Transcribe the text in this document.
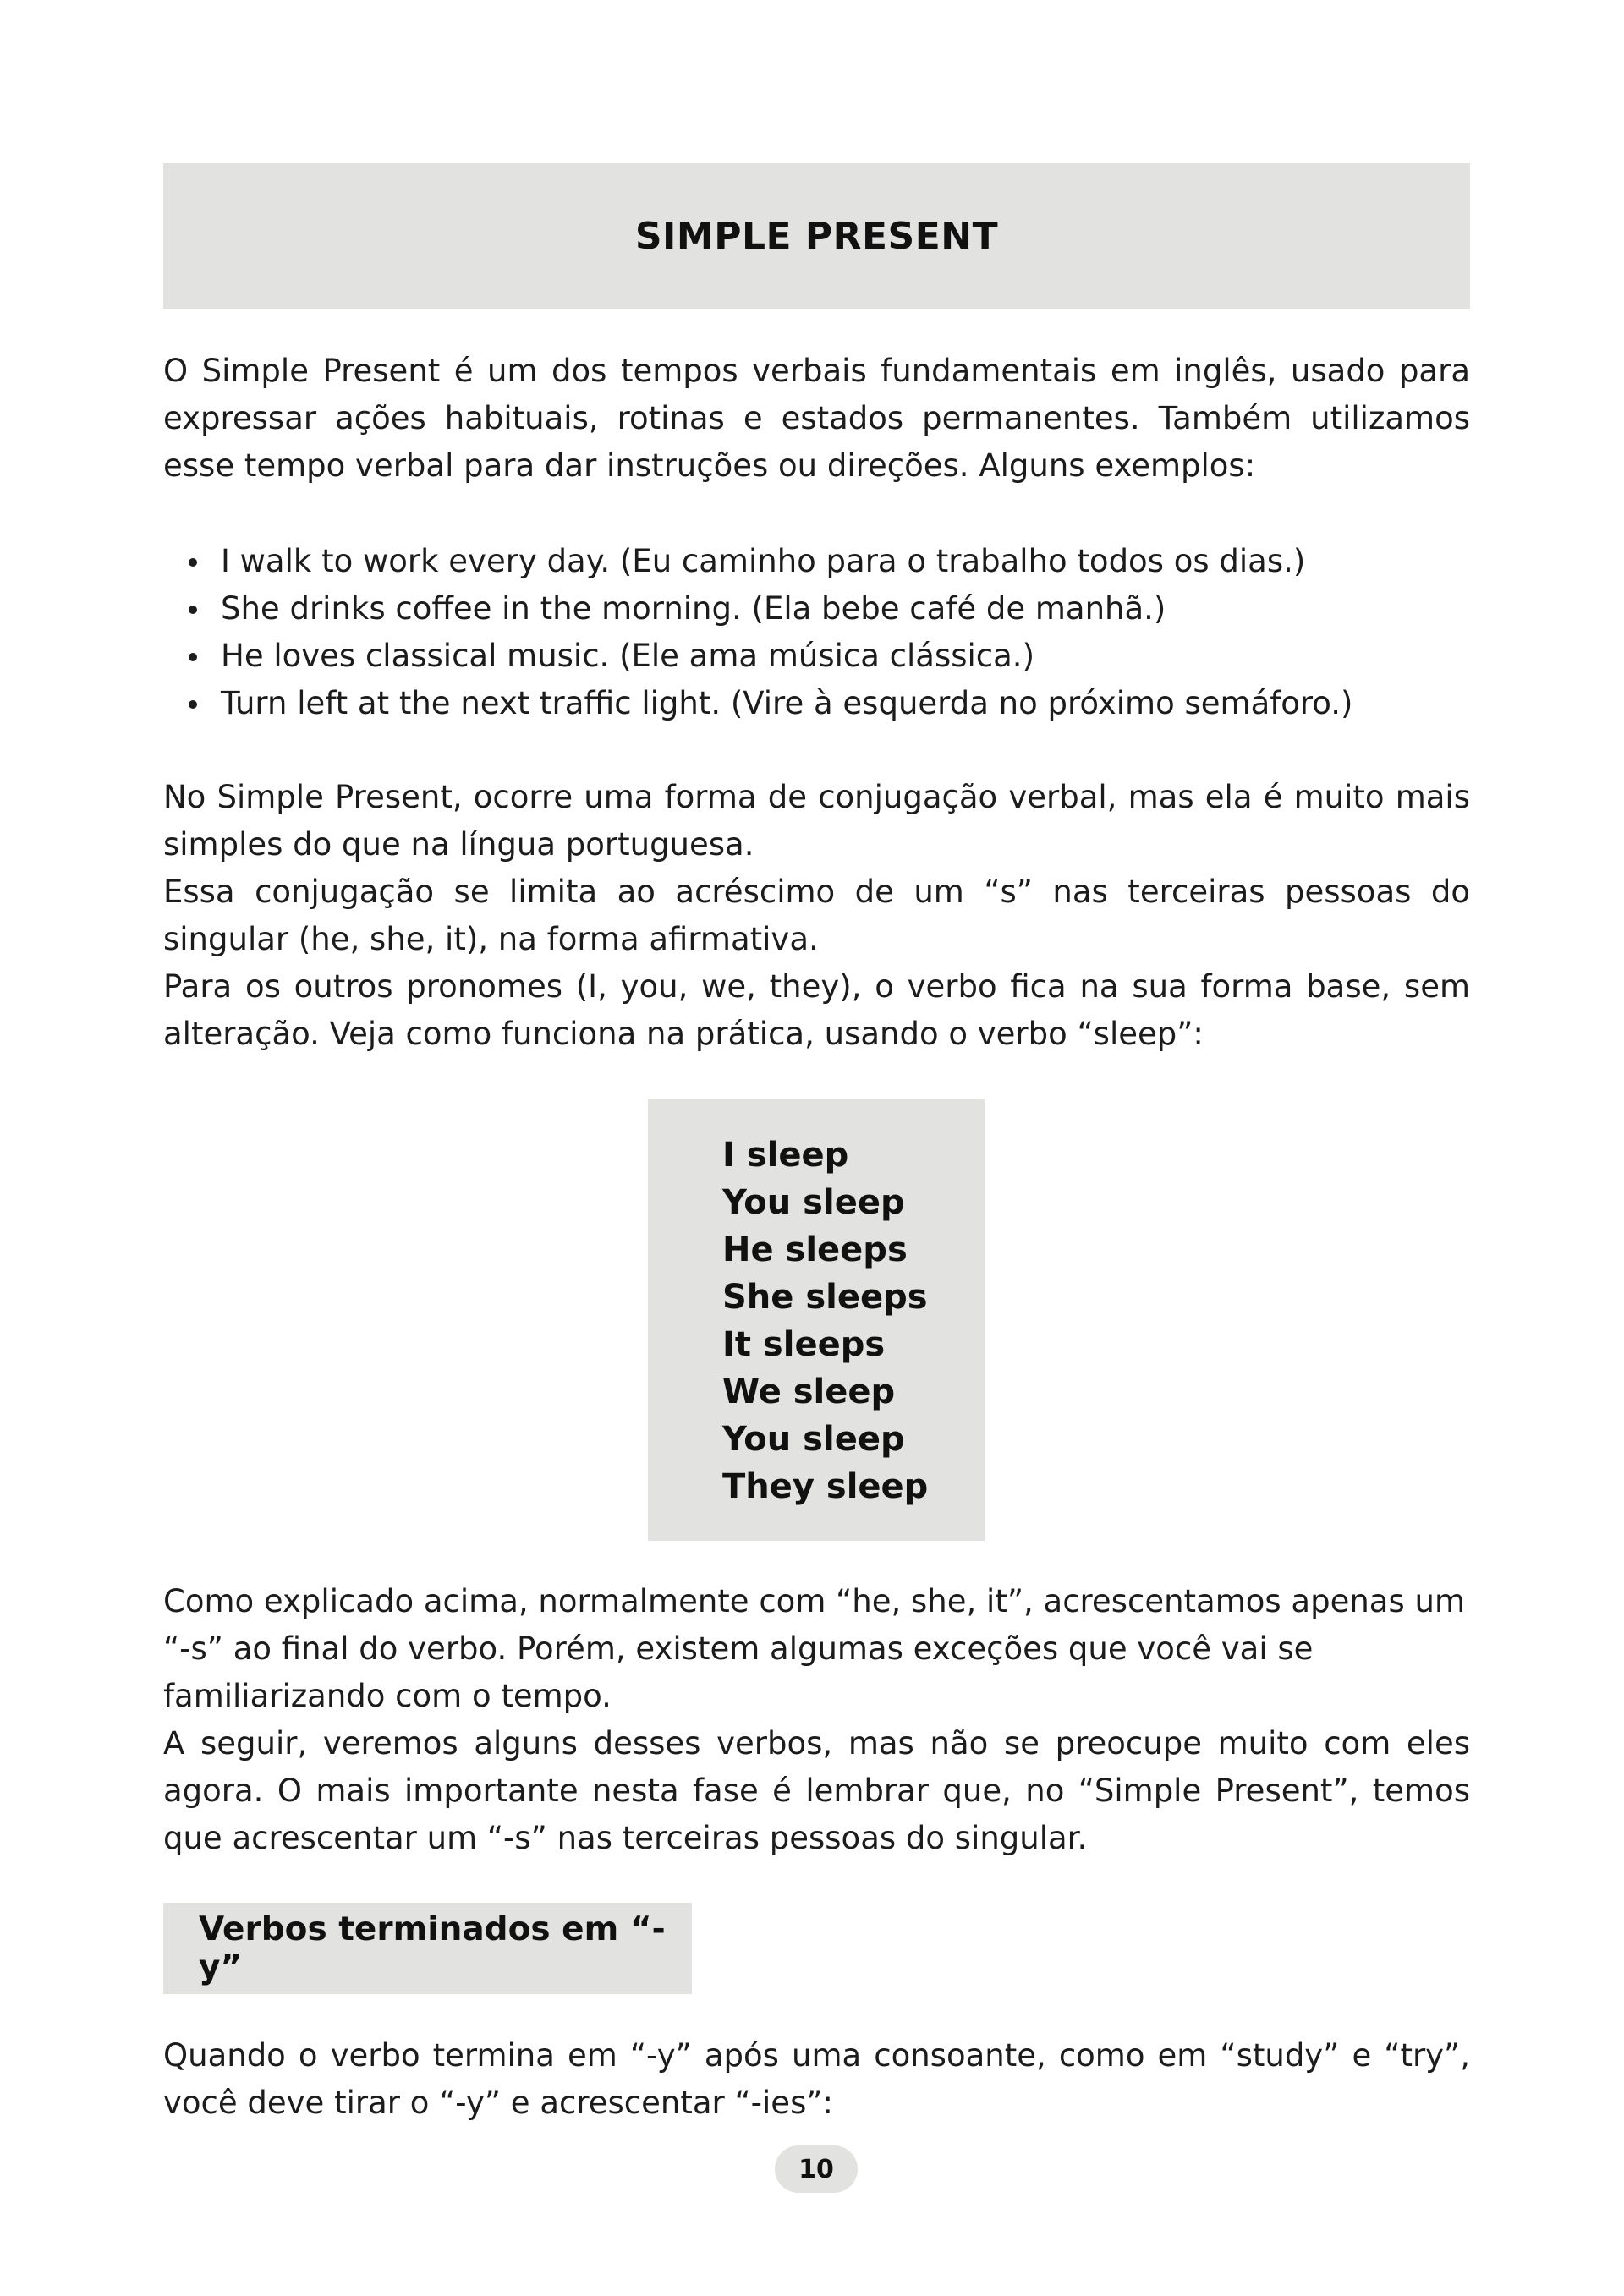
SIMPLE PRESENT

O Simple Present é um dos tempos verbais fundamentais em inglês, usado para expressar ações habituais, rotinas e estados permanentes. Também utilizamos esse tempo verbal para dar instruções ou direções. Alguns exemplos:

I walk to work every day. (Eu caminho para o trabalho todos os dias.)
She drinks coffee in the morning. (Ela bebe café de manhã.)
He loves classical music. (Ele ama música clássica.)
Turn left at the next traffic light. (Vire à esquerda no próximo semáforo.)

No Simple Present, ocorre uma forma de conjugação verbal, mas ela é muito mais simples do que na língua portuguesa.

Essa conjugação se limita ao acréscimo de um “s” nas terceiras pessoas do singular (he, she, it), na forma afirmativa.

Para os outros pronomes (I, you, we, they), o verbo fica na sua forma base, sem alteração. Veja como funciona na prática, usando o verbo “sleep”:

I sleep
You sleep
He sleeps
She sleeps
It sleeps
We sleep
You sleep
They sleep

Como explicado acima, normalmente com “he, she, it”, acrescentamos apenas um “-s” ao final do verbo. Porém, existem algumas exceções que você vai se familiarizando com o tempo.

A seguir, veremos alguns desses verbos, mas não se preocupe muito com eles agora. O mais importante nesta fase é lembrar que, no “Simple Present”, temos que acrescentar um “-s” nas terceiras pessoas do singular.

Verbos terminados em “-y”

Quando o verbo termina em “-y” após uma consoante, como em “study” e “try”, você deve tirar o “-y” e acrescentar “-ies”:

10
